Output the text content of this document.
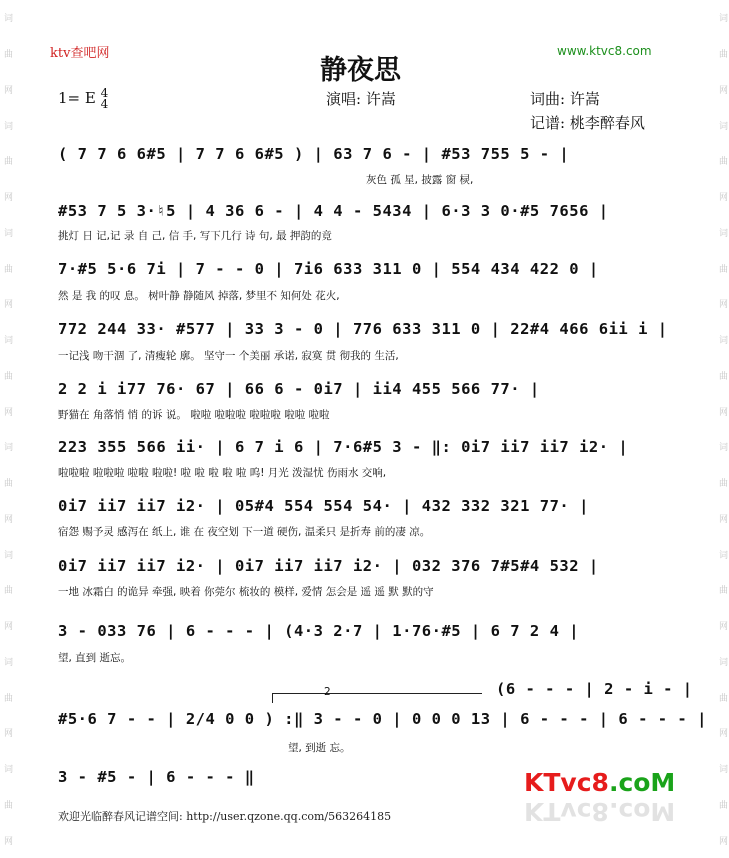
词
曲
网
词
曲
网
词
曲
网
词
曲
网
词
曲
网
词
曲
网
词
曲
网
词
曲
网
词
曲
网
词
曲
网
词
曲
网
词
曲
网
词
曲
网
词
曲
网
词
曲
网
词
曲
网
ktv查吧网	www.ktvc8.com
静夜思
1= E 4
4	演唱: 许嵩	词曲: 许嵩
记谱: 桃李醉春风
( 7 7 6 6#5 | 7 7 6 6#5 ) | 63 7 6 - | #53 755 5 - |
灰色 孤 星, 披露 窗 棂,
#53 7 5 3·♮5 | 4 36 6 - | 4 4 - 5434 | 6·3 3 0·#5 7656 |
挑灯 日 记,记 录 自 己, 信 手, 写下几行 诗 句, 最 押韵的竟
7·#5 5·6 7i | 7 - - 0 | 7i6 633 311 0 | 554 434 422 0 |
然 是 我 的叹 息。 树叶静 静随风 掉落, 梦里不 知何处 花火,
772 244 33· #577 | 33 3 - 0 | 776 633 311 0 | 22#4 466 6ii i |
一记浅 吻干涸 了, 清瘦轮 廓。 坚守一 个美丽 承诺, 寂寞 贯 彻我的 生活,
2 2 i i77 76· 67 | 66 6 - 0i7 | ii4 455 566 77· |
野猫在 角落悄 悄 的诉 说。 啦啦 啦啦啦 啦啦啦 啦啦 啦啦
223 355 566 ii· | 6 7 i 6 | 7·6#5 3 - ‖: 0i7 ii7 ii7 i2· |
啦啦啦 啦啦啦 啦啦 啦啦! 啦 啦 啦 啦 啦 呜! 月光 泼湿忧 伤雨水 交响,
0i7 ii7 ii7 i2· | 05#4 554 554 54· | 432 332 321 77· |
宿怨 赐予灵 感泻在 纸上, 谁 在 夜空划 下一道 硬伤, 温柔只 是折寿 前的凄 凉。
0i7 ii7 ii7 i2· | 0i7 ii7 ii7 i2· | 032 376 7#5#4 532 |
一地 冰霜白 的诡异 牵强, 映着 你莞尔 梳妆的 模样, 爱情 怎会是 遥 遥 默 默的守
3 - 033 76 | 6 - - - | (4·3 2·7 | 1·76·#5 | 6 7 2 4 |
望, 直到 逝忘。
2	(6 - - - | 2 - i - |
#5·6 7 - - | 2/4 0 0 ) :‖ 3 - - 0 | 0 0 0 13 | 6 - - - | 6 - - - |
望, 到逝 忘。
3 - #5 - | 6 - - - ‖
欢迎光临醉春风记谱空间: http://user.qzone.qq.com/563264185
KTvc8.coM
KTvc8.coM
